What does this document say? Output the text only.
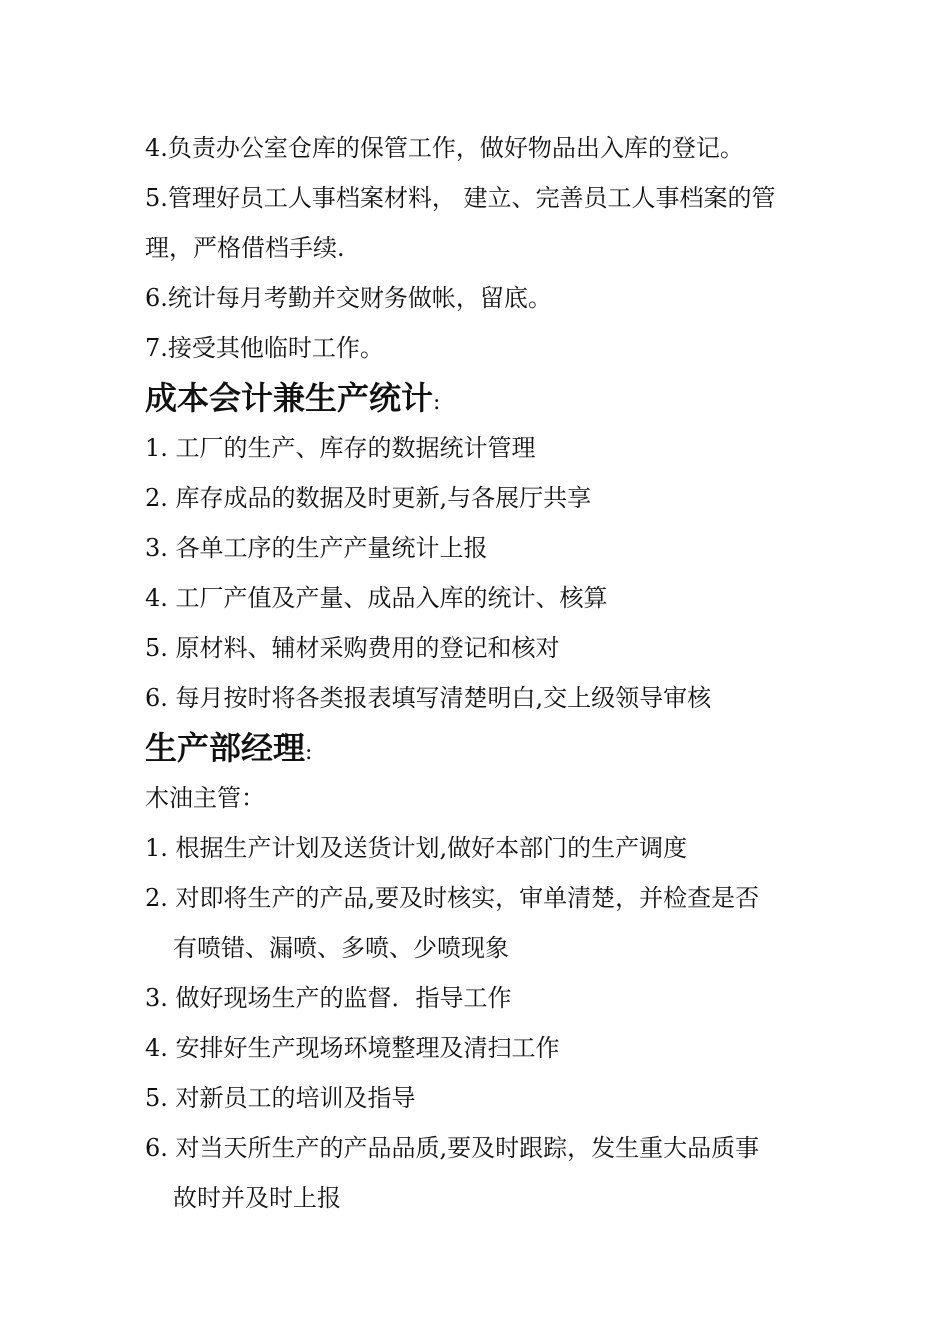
4.负责办公室仓库的保管工作，做好物品出入库的登记。
5.管理好员工人事档案材料， 建立、完善员工人事档案的管
理，严格借档手续.
6.统计每月考勤并交财务做帐，留底。
7.接受其他临时工作。
成本会计兼生产统计:
1. 工厂的生产、库存的数据统计管理
2. 库存成品的数据及时更新,与各展厅共享
3. 各单工序的生产产量统计上报
4. 工厂产值及产量、成品入库的统计、核算
5. 原材料、辅材采购费用的登记和核对
6. 每月按时将各类报表填写清楚明白,交上级领导审核
生产部经理:
木油主管：
1. 根据生产计划及送货计划,做好本部门的生产调度
2. 对即将生产的产品,要及时核实，审单清楚，并检查是否
有喷错、漏喷、多喷、少喷现象
3. 做好现场生产的监督．指导工作
4. 安排好生产现场环境整理及清扫工作
5. 对新员工的培训及指导
6. 对当天所生产的产品品质,要及时跟踪，发生重大品质事
故时并及时上报
